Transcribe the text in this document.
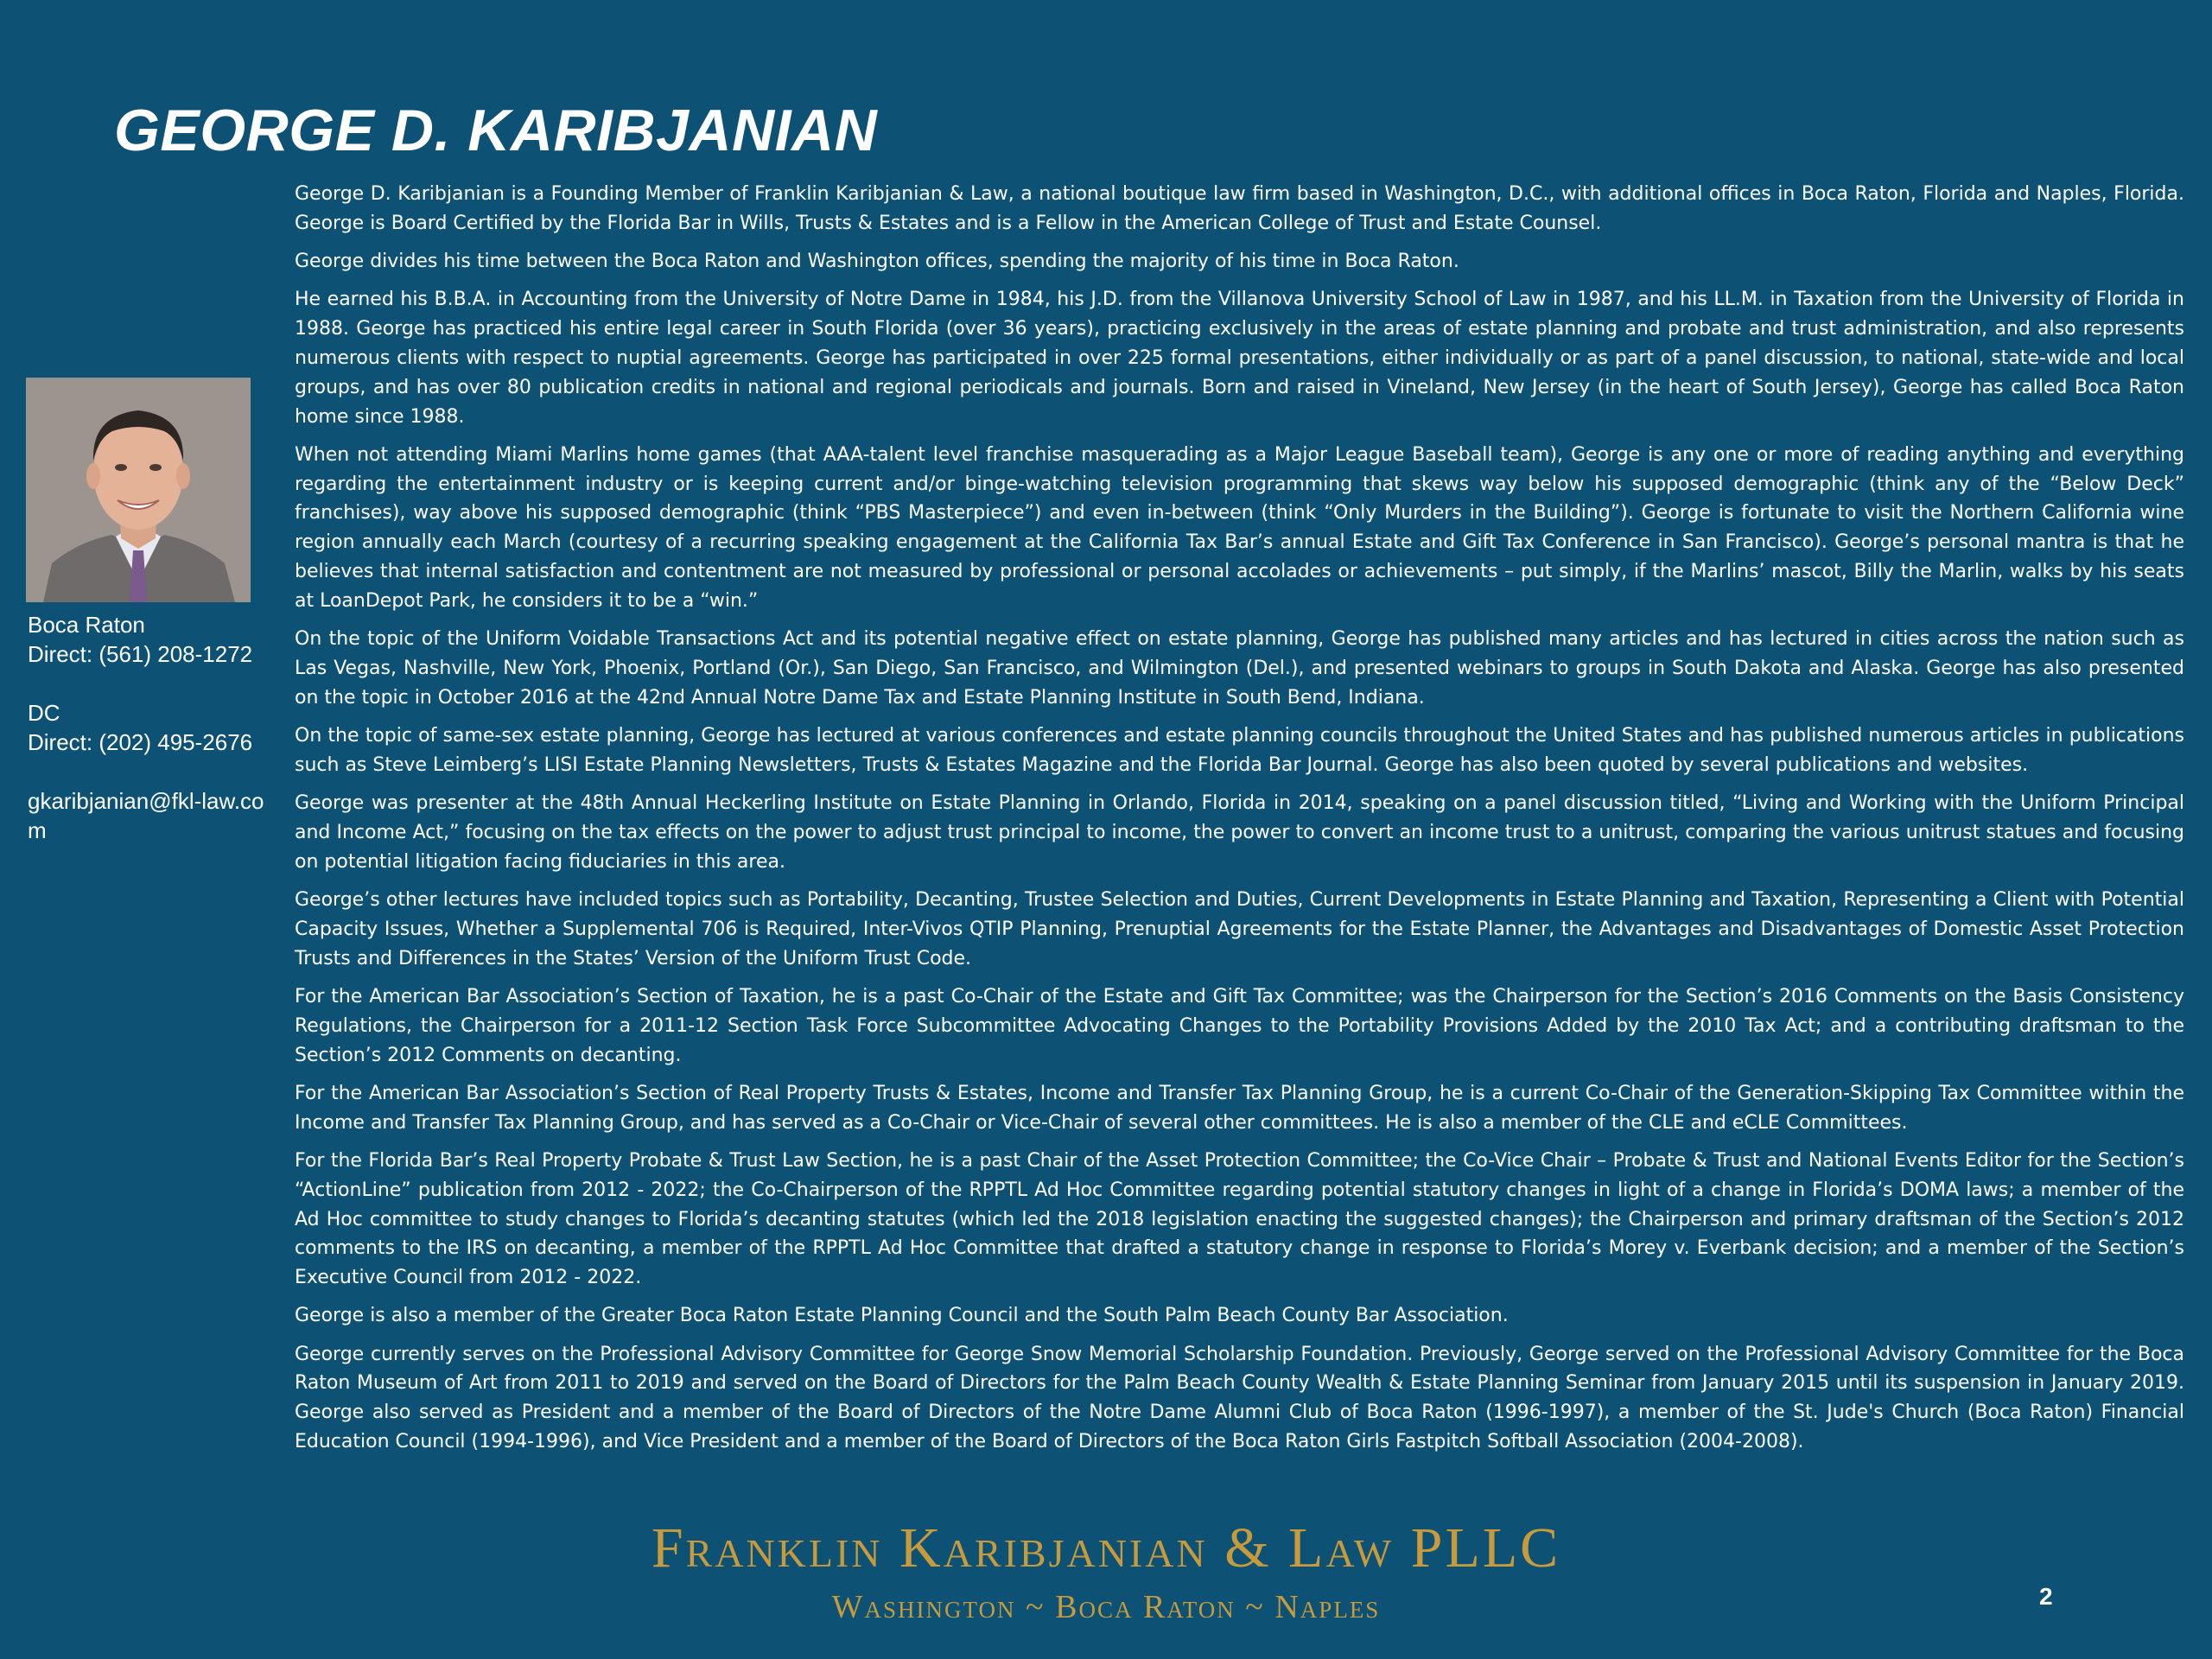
GEORGE D. KARIBJANIAN
Boca Raton
Direct: (561) 208-1272
DC
Direct: (202) 495-2676
gkaribjanian@fkl-law.com

George D. Karibjanian is a Founding Member of Franklin Karibjanian & Law, a national boutique law firm based in Washington, D.C., with additional offices in Boca Raton, Florida and Naples, Florida. George is Board Certified by the Florida Bar in Wills, Trusts & Estates and is a Fellow in the American College of Trust and Estate Counsel.

George divides his time between the Boca Raton and Washington offices, spending the majority of his time in Boca Raton.

He earned his B.B.A. in Accounting from the University of Notre Dame in 1984, his J.D. from the Villanova University School of Law in 1987, and his LL.M. in Taxation from the University of Florida in 1988. George has practiced his entire legal career in South Florida (over 36 years), practicing exclusively in the areas of estate planning and probate and trust administration, and also represents numerous clients with respect to nuptial agreements. George has participated in over 225 formal presentations, either individually or as part of a panel discussion, to national, state-wide and local groups, and has over 80 publication credits in national and regional periodicals and journals. Born and raised in Vineland, New Jersey (in the heart of South Jersey), George has called Boca Raton home since 1988.

When not attending Miami Marlins home games (that AAA-talent level franchise masquerading as a Major League Baseball team), George is any one or more of reading anything and everything regarding the entertainment industry or is keeping current and/or binge-watching television programming that skews way below his supposed demographic (think any of the “Below Deck” franchises), way above his supposed demographic (think “PBS Masterpiece”) and even in-between (think “Only Murders in the Building”). George is fortunate to visit the Northern California wine region annually each March (courtesy of a recurring speaking engagement at the California Tax Bar’s annual Estate and Gift Tax Conference in San Francisco). George’s personal mantra is that he believes that internal satisfaction and contentment are not measured by professional or personal accolades or achievements – put simply, if the Marlins’ mascot, Billy the Marlin, walks by his seats at LoanDepot Park, he considers it to be a “win.”

On the topic of the Uniform Voidable Transactions Act and its potential negative effect on estate planning, George has published many articles and has lectured in cities across the nation such as Las Vegas, Nashville, New York, Phoenix, Portland (Or.), San Diego, San Francisco, and Wilmington (Del.), and presented webinars to groups in South Dakota and Alaska. George has also presented on the topic in October 2016 at the 42nd Annual Notre Dame Tax and Estate Planning Institute in South Bend, Indiana.

On the topic of same-sex estate planning, George has lectured at various conferences and estate planning councils throughout the United States and has published numerous articles in publications such as Steve Leimberg’s LISI Estate Planning Newsletters, Trusts & Estates Magazine and the Florida Bar Journal. George has also been quoted by several publications and websites.

George was presenter at the 48th Annual Heckerling Institute on Estate Planning in Orlando, Florida in 2014, speaking on a panel discussion titled, “Living and Working with the Uniform Principal and Income Act,” focusing on the tax effects on the power to adjust trust principal to income, the power to convert an income trust to a unitrust, comparing the various unitrust statues and focusing on potential litigation facing fiduciaries in this area.

George’s other lectures have included topics such as Portability, Decanting, Trustee Selection and Duties, Current Developments in Estate Planning and Taxation, Representing a Client with Potential Capacity Issues, Whether a Supplemental 706 is Required, Inter-Vivos QTIP Planning, Prenuptial Agreements for the Estate Planner, the Advantages and Disadvantages of Domestic Asset Protection Trusts and Differences in the States’ Version of the Uniform Trust Code.

For the American Bar Association’s Section of Taxation, he is a past Co-Chair of the Estate and Gift Tax Committee; was the Chairperson for the Section’s 2016 Comments on the Basis Consistency Regulations, the Chairperson for a 2011-12 Section Task Force Subcommittee Advocating Changes to the Portability Provisions Added by the 2010 Tax Act; and a contributing draftsman to the Section’s 2012 Comments on decanting.

For the American Bar Association’s Section of Real Property Trusts & Estates, Income and Transfer Tax Planning Group, he is a current Co-Chair of the Generation-Skipping Tax Committee within the Income and Transfer Tax Planning Group, and has served as a Co-Chair or Vice-Chair of several other committees. He is also a member of the CLE and eCLE Committees.

For the Florida Bar’s Real Property Probate & Trust Law Section, he is a past Chair of the Asset Protection Committee; the Co-Vice Chair – Probate & Trust and National Events Editor for the Section’s “ActionLine” publication from 2012 - 2022; the Co-Chairperson of the RPPTL Ad Hoc Committee regarding potential statutory changes in light of a change in Florida’s DOMA laws; a member of the Ad Hoc committee to study changes to Florida’s decanting statutes (which led the 2018 legislation enacting the suggested changes); the Chairperson and primary draftsman of the Section’s 2012 comments to the IRS on decanting, a member of the RPPTL Ad Hoc Committee that drafted a statutory change in response to Florida’s Morey v. Everbank decision; and a member of the Section’s Executive Council from 2012 - 2022.

George is also a member of the Greater Boca Raton Estate Planning Council and the South Palm Beach County Bar Association.

George currently serves on the Professional Advisory Committee for George Snow Memorial Scholarship Foundation. Previously, George served on the Professional Advisory Committee for the Boca Raton Museum of Art from 2011 to 2019 and served on the Board of Directors for the Palm Beach County Wealth & Estate Planning Seminar from January 2015 until its suspension in January 2019. George also served as President and a member of the Board of Directors of the Notre Dame Alumni Club of Boca Raton (1996-1997), a member of the St. Jude's Church (Boca Raton) Financial Education Council (1994-1996), and Vice President and a member of the Board of Directors of the Boca Raton Girls Fastpitch Softball Association (2004-2008).

Franklin Karibjanian & Law PLLC
Washington ~ Boca Raton ~ Naples	2
